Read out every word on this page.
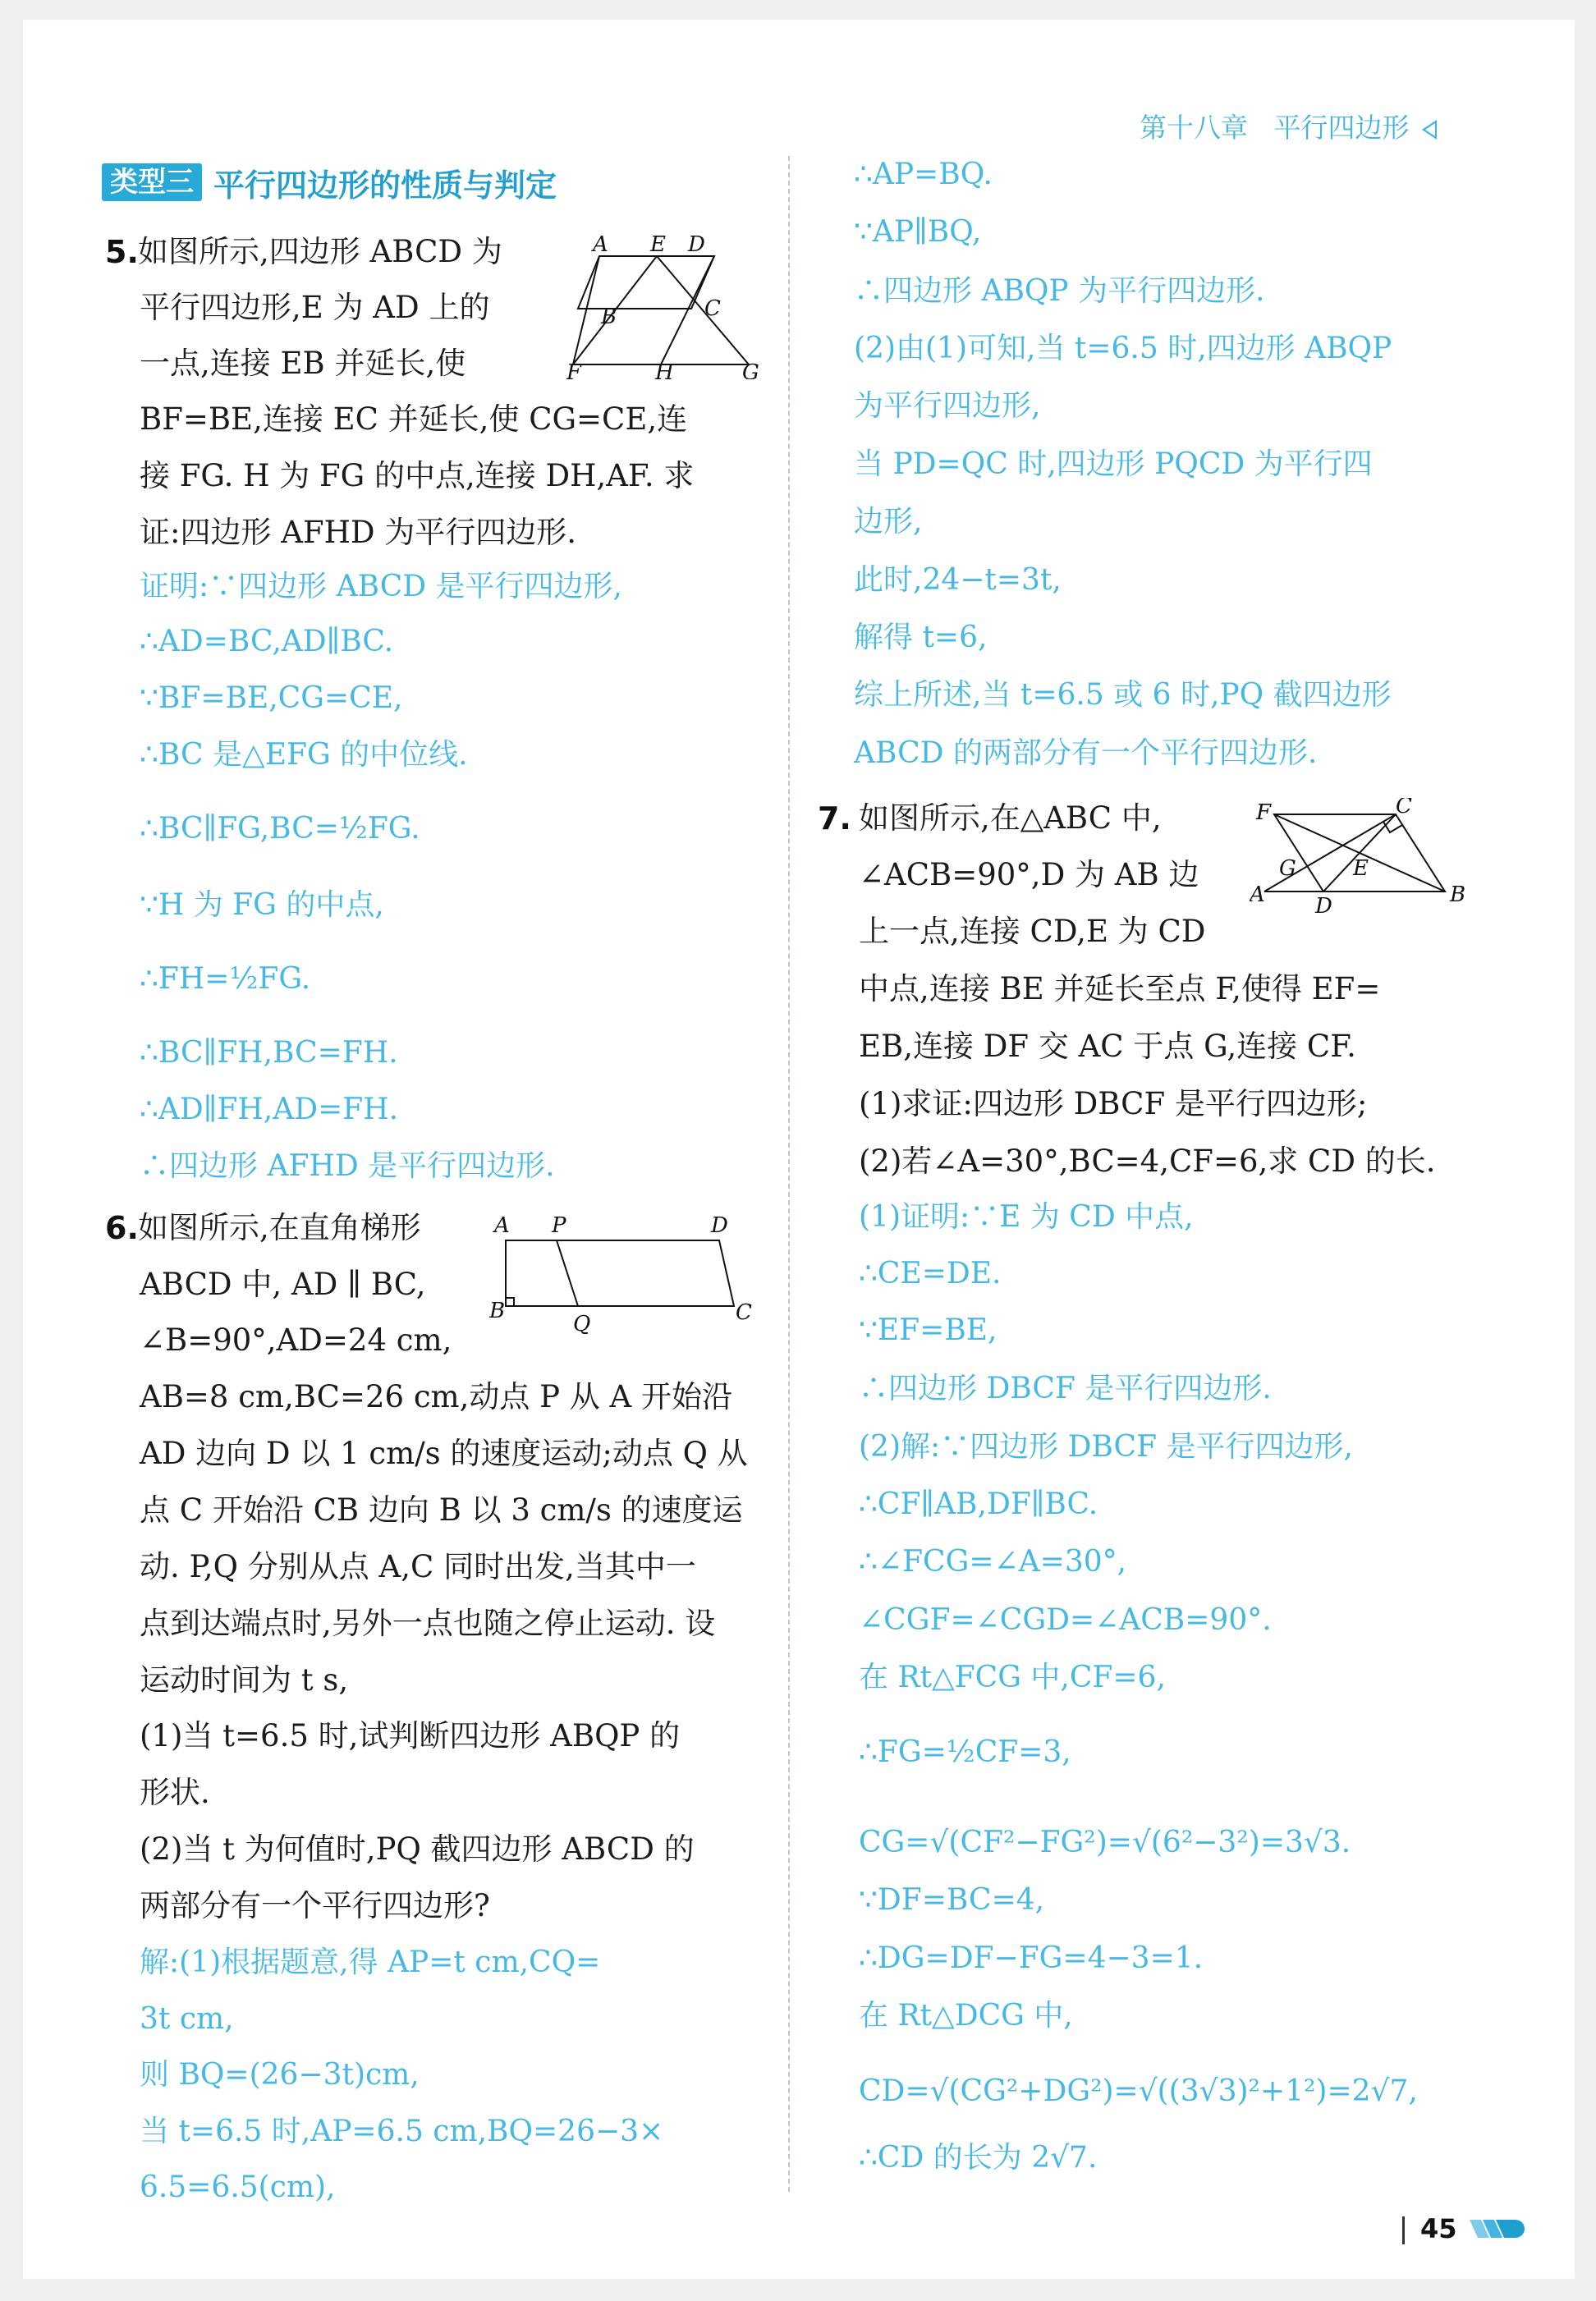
第十八章 平行四边形
类型三 平行四边形的性质与判定
5. 如图所示,四边形 ABCD 为
平行四边形,E 为 AD 上的
一点,连接 EB 并延长,使
BF=BE,连接 EC 并延长,使 CG=CE,连
接 FG. H 为 FG 的中点,连接 DH,AF. 求
证:四边形 AFHD 为平行四边形.
证明:∵四边形 ABCD 是平行四边形,
∴AD=BC,AD∥BC.
∵BF=BE,CG=CE,
∴BC 是△EFG 的中位线.
∴BC∥FG,BC=½FG.
∵H 为 FG 的中点,
∴FH=½FG.
∴BC∥FH,BC=FH.
∴AD∥FH,AD=FH.
∴四边形 AFHD 是平行四边形.
6. 如图所示,在直角梯形
ABCD 中, AD ∥ BC,
∠B=90°,AD=24 cm,
AB=8 cm,BC=26 cm,动点 P 从 A 开始沿
AD 边向 D 以 1 cm/s 的速度运动;动点 Q 从
点 C 开始沿 CB 边向 B 以 3 cm/s 的速度运
动. P,Q 分别从点 A,C 同时出发,当其中一
点到达端点时,另外一点也随之停止运动. 设
运动时间为 t s,
(1)当 t=6.5 时,试判断四边形 ABQP 的
形状.
(2)当 t 为何值时,PQ 截四边形 ABCD 的
两部分有一个平行四边形?
解:(1)根据题意,得 AP=t cm,CQ=
3t cm,
则 BQ=(26−3t)cm,
当 t=6.5 时,AP=6.5 cm,BQ=26−3×
6.5=6.5(cm),
∴AP=BQ.
∵AP∥BQ,
∴四边形 ABQP 为平行四边形.
(2)由(1)可知,当 t=6.5 时,四边形 ABQP
为平行四边形,
当 PD=QC 时,四边形 PQCD 为平行四
边形,
此时,24−t=3t,
解得 t=6,
综上所述,当 t=6.5 或 6 时,PQ 截四边形
ABCD 的两部分有一个平行四边形.
7. 如图所示,在△ABC 中,
∠ACB=90°,D 为 AB 边
上一点,连接 CD,E 为 CD
中点,连接 BE 并延长至点 F,使得 EF=
EB,连接 DF 交 AC 于点 G,连接 CF.
(1)求证:四边形 DBCF 是平行四边形;
(2)若∠A=30°,BC=4,CF=6,求 CD 的长.
(1)证明:∵E 为 CD 中点,
∴CE=DE.
∵EF=BE,
∴四边形 DBCF 是平行四边形.
(2)解:∵四边形 DBCF 是平行四边形,
∴CF∥AB,DF∥BC.
∴∠FCG=∠A=30°,
∠CGF=∠CGD=∠ACB=90°.
在 Rt△FCG 中,CF=6,
∴FG=½CF=3,
CG=√(CF²−FG²)=√(6²−3²)=3√3.
∵DF=BC=4,
∴DG=DF−FG=4−3=1.
在 Rt△DCG 中,
CD=√(CG²+DG²)=√((3√3)²+1²)=2√7,
∴CD 的长为 2√7.
A E D
B	C
F	H	G
A P	D
B
Q	C
F	C
G	E
A D	B
45
